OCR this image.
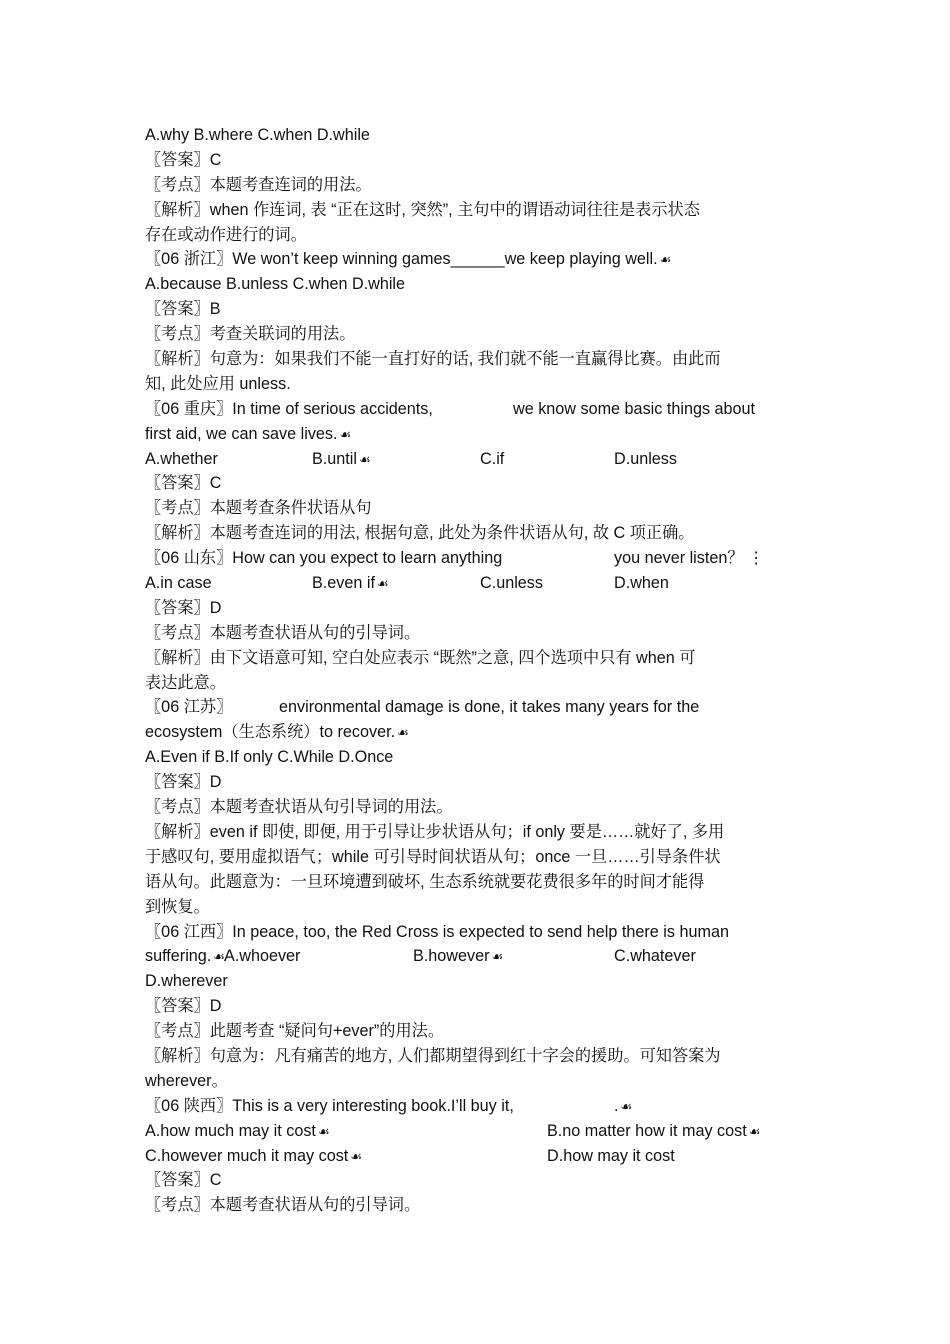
A.why B.where C.when D.while
〖答案〗C
〖考点〗本题考查连词的用法。
〖解析〗when 作连词, 表 “正在这时, 突然”, 主句中的谓语动词往往是表示状态
存在或动作进行的词。
〖06 浙江〗We won’t keep winning games______we keep playing well. ☙
A.because B.unless C.when D.while
〖答案〗B
〖考点〗考查关联词的用法。
〖解析〗句意为：如果我们不能一直打好的话, 我们就不能一直赢得比赛。由此而
知, 此处应用 unless.
〖06 重庆〗In time of serious accidents,	we know some basic things about
first aid, we can save lives. ☙
A.whether	B.until ☙	C.if	D.unless
〖答案〗C
〖考点〗本题考查条件状语从句
〖解析〗本题考查连词的用法, 根据句意, 此处为条件状语从句, 故 C 项正确。
〖06 山东〗How can you expect to learn anything	you never listen？ ⋮
A.in case	B.even if ☙	C.unless	D.when
〖答案〗D
〖考点〗本题考查状语从句的引导词。
〖解析〗由下文语意可知, 空白处应表示 “既然”之意, 四个选项中只有 when 可
表达此意。
〖06 江苏〗	environmental damage is done, it takes many years for the
ecosystem（生态系统）to recover. ☙
A.Even if B.If only C.While D.Once
〖答案〗D
〖考点〗本题考查状语从句引导词的用法。
〖解析〗even if 即使, 即便, 用于引导让步状语从句；if only 要是……就好了, 多用
于感叹句, 要用虚拟语气；while 可引导时间状语从句；once 一旦……引导条件状
语从句。此题意为：一旦环境遭到破坏, 生态系统就要花费很多年的时间才能得
到恢复。
〖06 江西〗In peace, too, the Red Cross is expected to send help there is human
suffering. ☙A.whoever	B.however ☙	C.whatever
D.wherever
〖答案〗D
〖考点〗此题考查 “疑问句+ever”的用法。
〖解析〗句意为：凡有痛苦的地方, 人们都期望得到红十字会的援助。可知答案为
wherever。
〖06 陕西〗This is a very interesting book.I’ll buy it,	. ☙
A.how much may it cost ☙	B.no matter how it may cost ☙
C.however much it may cost ☙	D.how may it cost
〖答案〗C
〖考点〗本题考查状语从句的引导词。
